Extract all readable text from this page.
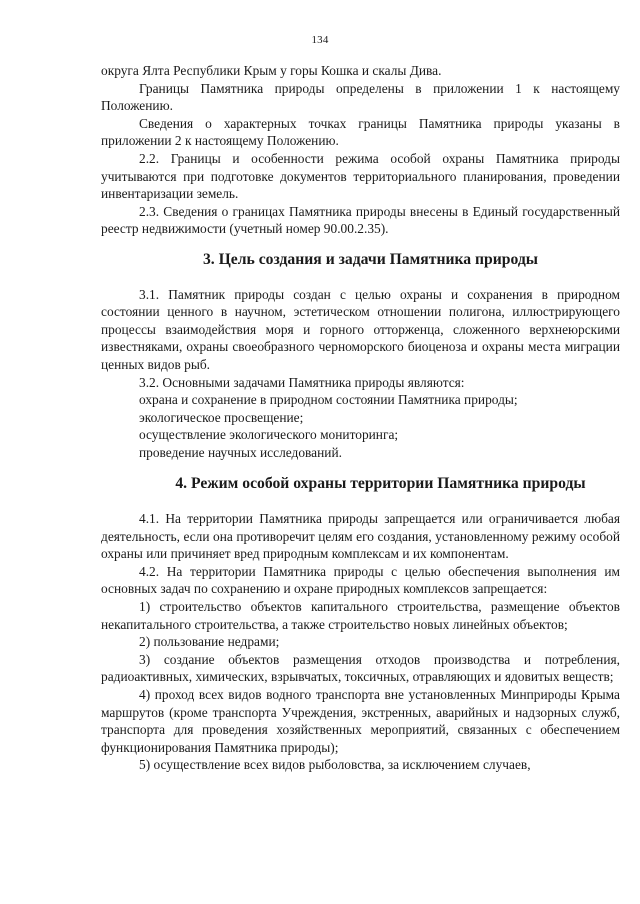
134

округа Ялта Республики Крым у горы Кошка и скалы Дива.

Границы Памятника природы определены в приложении 1 к настоящему Положению.

Сведения о характерных точках границы Памятника природы указаны в приложении 2 к настоящему Положению.

2.2. Границы и особенности режима особой охраны Памятника природы учитываются при подготовке документов территориального планирования, проведении инвентаризации земель.

2.3. Сведения о границах Памятника природы внесены в Единый государственный реестр недвижимости (учетный номер 90.00.2.35).

3. Цель создания и задачи Памятника природы

3.1. Памятник природы создан с целью охраны и сохранения в природном состоянии ценного в научном, эстетическом отношении полигона, иллюстрирующего процессы взаимодействия моря и горного отторженца, сложенного верхнеюрскими известняками, охраны своеобразного черноморского биоценоза и охраны места миграции ценных видов рыб.

3.2. Основными задачами Памятника природы являются:

охрана и сохранение в природном состоянии Памятника природы;

экологическое просвещение;

осуществление экологического мониторинга;

проведение научных исследований.

4. Режим особой охраны территории Памятника природы

4.1. На территории Памятника природы запрещается или ограничивается любая деятельность, если она противоречит целям его создания, установленному режиму особой охраны или причиняет вред природным комплексам и их компонентам.

4.2. На территории Памятника природы с целью обеспечения выполнения им основных задач по сохранению и охране природных комплексов запрещается:

1) строительство объектов капитального строительства, размещение объектов некапитального строительства, а также строительство новых линейных объектов;

2) пользование недрами;

3) создание объектов размещения отходов производства и потребления, радиоактивных, химических, взрывчатых, токсичных, отравляющих и ядовитых веществ;

4) проход всех видов водного транспорта вне установленных Минприроды Крыма маршрутов (кроме транспорта Учреждения, экстренных, аварийных и надзорных служб, транспорта для проведения хозяйственных мероприятий, связанных с обеспечением функционирования Памятника природы);

5) осуществление всех видов рыболовства, за исключением случаев,
